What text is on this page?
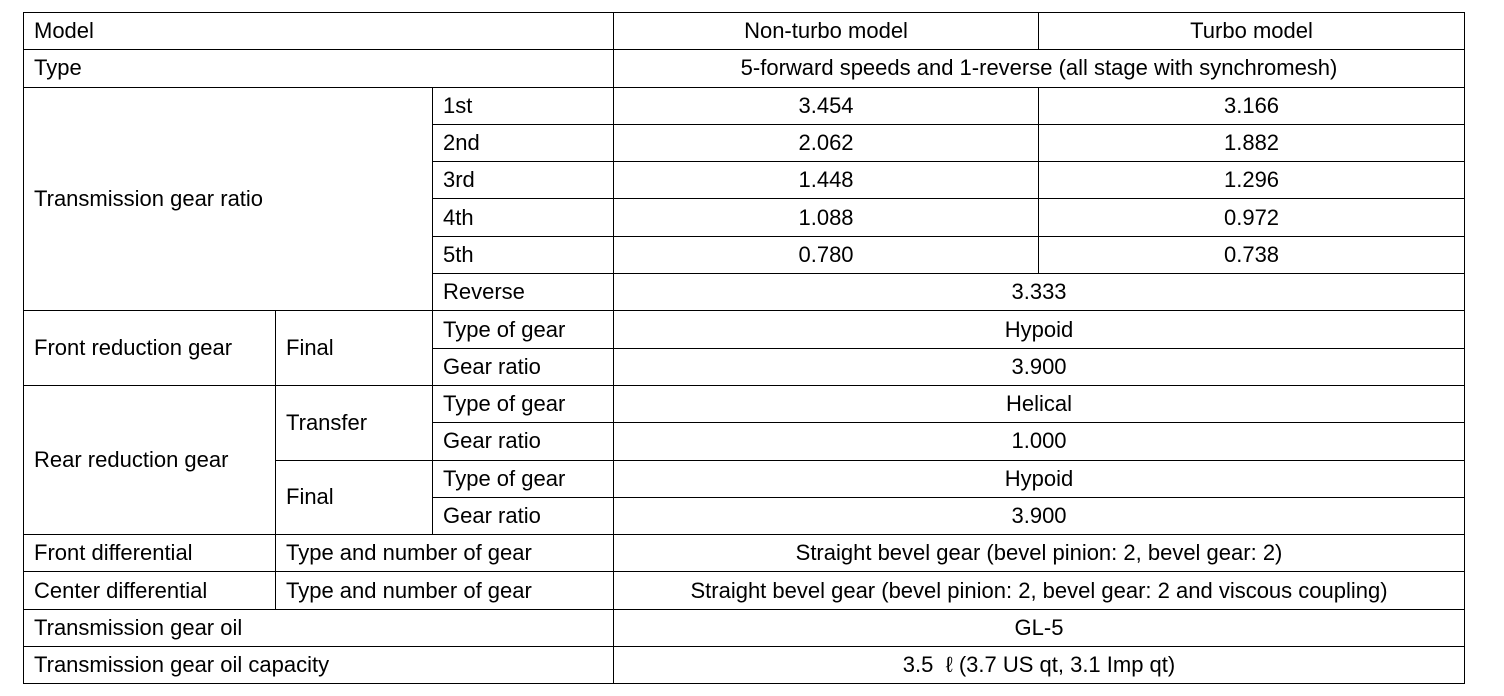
Model			Non-turbo model	Turbo model
Type			5-forward speeds and 1-reverse (all stage with synchromesh)	
Transmission gear ratio		1st	3.454	3.166
		2nd	2.062	1.882
		3rd	1.448	1.296
		4th	1.088	0.972
		5th	0.780	0.738
		Reverse	3.333	
Front reduction gear	Final	Type of gear	Hypoid	
		Gear ratio	3.900	
Rear reduction gear	Transfer	Type of gear	Helical	
		Gear ratio	1.000	
	Final	Type of gear	Hypoid	
		Gear ratio	3.900	
Front differential	Type and number of gear		Straight bevel gear (bevel pinion: 2, bevel gear: 2)	
Center differential	Type and number of gear		Straight bevel gear (bevel pinion: 2, bevel gear: 2 and viscous coupling)	
Transmission gear oil			GL-5	
Transmission gear oil capacity			3.5  ℓ (3.7 US qt, 3.1 Imp qt)	
